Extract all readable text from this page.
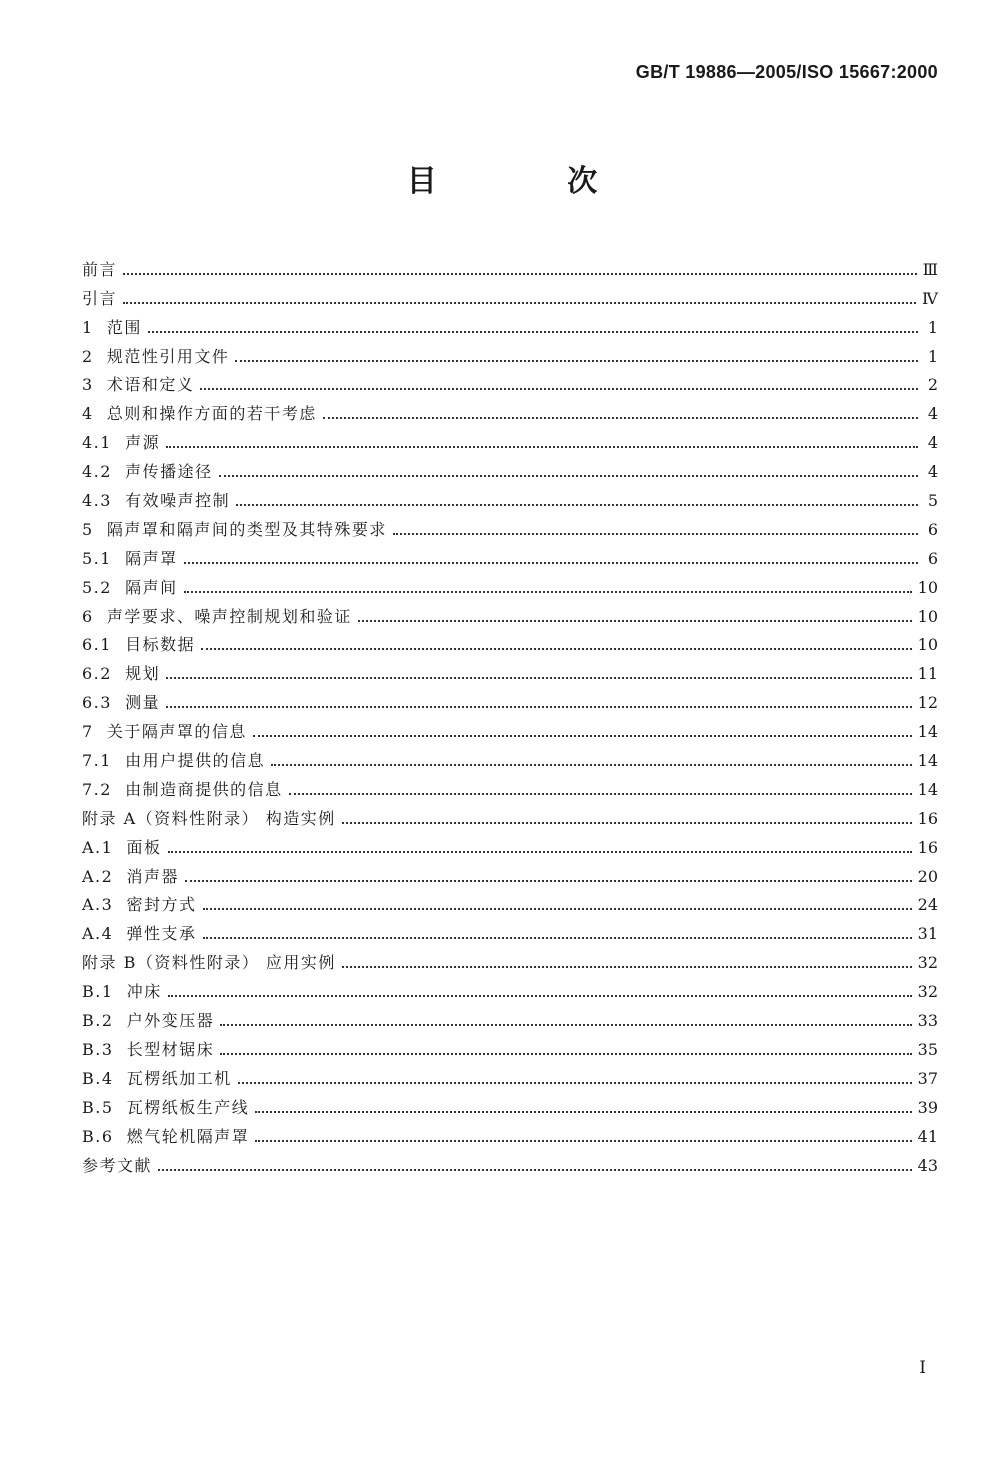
GB/T 19886—2005/ISO 15667:2000
目 次
前言	Ⅲ
引言	Ⅳ
1  范围	1
2  规范性引用文件	1
3  术语和定义	2
4  总则和操作方面的若干考虑	4
4.1  声源	4
4.2  声传播途径	4
4.3  有效噪声控制	5
5  隔声罩和隔声间的类型及其特殊要求	6
5.1  隔声罩	6
5.2  隔声间	10
6  声学要求、噪声控制规划和验证	10
6.1  目标数据	10
6.2  规划	11
6.3  测量	12
7  关于隔声罩的信息	14
7.1  由用户提供的信息	14
7.2  由制造商提供的信息	14
附录 A（资料性附录） 构造实例	16
A.1  面板	16
A.2  消声器	20
A.3  密封方式	24
A.4  弹性支承	31
附录 B（资料性附录） 应用实例	32
B.1  冲床	32
B.2  户外变压器	33
B.3  长型材锯床	35
B.4  瓦楞纸加工机	37
B.5  瓦楞纸板生产线	39
B.6  燃气轮机隔声罩	41
参考文献	43
I
